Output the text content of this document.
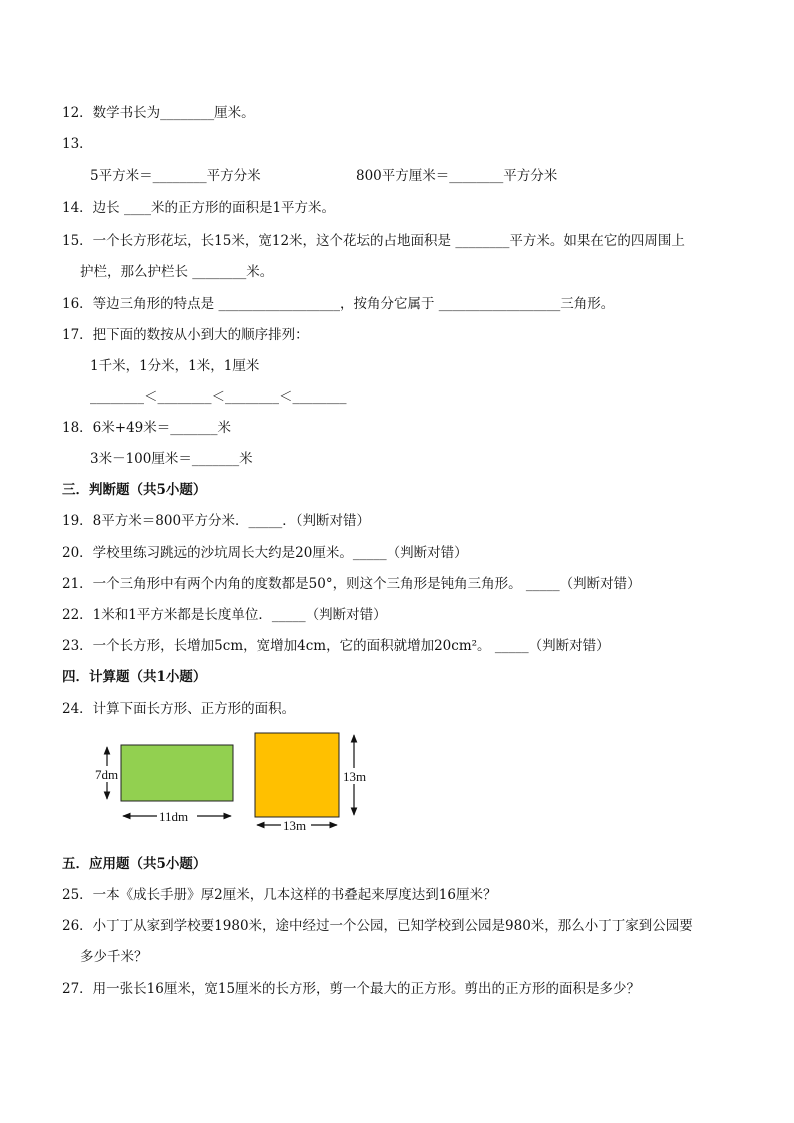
12．数学书长为________厘米。
13．
5平方米＝________平方分米	800平方厘米＝________平方分米
14．边长 ____米的正方形的面积是1平方米。
15．一个长方形花坛，长15米，宽12米，这个花坛的占地面积是 ________平方米。如果在它的四周围上
护栏，那么护栏长 ________米。
16．等边三角形的特点是 __________________，按角分它属于 __________________三角形。
17．把下面的数按从小到大的顺序排列：
1千米，1分米，1米，1厘米
________＜________＜________＜________
18．6米+49米＝_______米
3米－100厘米＝_______米
三．判断题（共5小题）
19．8平方米＝800平方分米．_____．（判断对错）
20．学校里练习跳远的沙坑周长大约是20厘米。_____（判断对错）
21．一个三角形中有两个内角的度数都是50°，则这个三角形是钝角三角形。 _____（判断对错）
22．1米和1平方米都是长度单位．_____（判断对错）
23．一个长方形，长增加5cm，宽增加4cm，它的面积就增加20cm²。 _____（判断对错）
四．计算题（共1小题）
24．计算下面长方形、正方形的面积。
7dm
11dm
13m
13m
五．应用题（共5小题）
25．一本《成长手册》厚2厘米，几本这样的书叠起来厚度达到16厘米？
26．小丁丁从家到学校要1980米，途中经过一个公园，已知学校到公园是980米，那么小丁丁家到公园要
多少千米？
27．用一张长16厘米，宽15厘米的长方形，剪一个最大的正方形。剪出的正方形的面积是多少？
